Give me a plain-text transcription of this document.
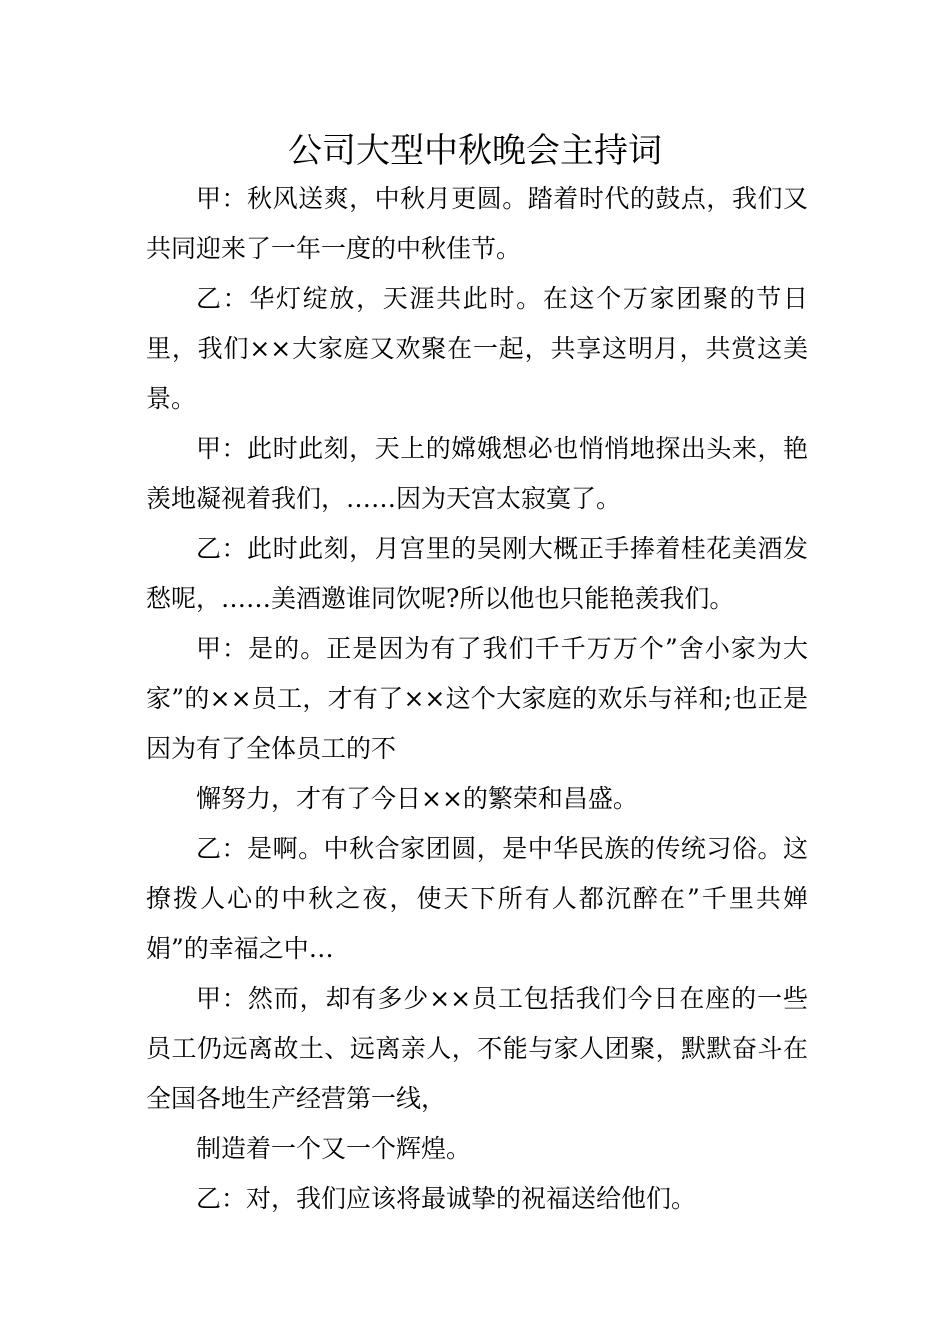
公司大型中秋晚会主持词

甲：秋风送爽，中秋月更圆。踏着时代的鼓点，我们又共同迎来了一年一度的中秋佳节。

乙：华灯绽放，天涯共此时。在这个万家团聚的节日里，我们××大家庭又欢聚在一起，共享这明月，共赏这美景。

甲：此时此刻，天上的嫦娥想必也悄悄地探出头来，艳羡地凝视着我们，……因为天宫太寂寞了。

乙：此时此刻，月宫里的吴刚大概正手捧着桂花美酒发愁呢，……美酒邀谁同饮呢?所以他也只能艳羡我们。

甲：是的。正是因为有了我们千千万万个”舍小家为大家”的××员工，才有了××这个大家庭的欢乐与祥和;也正是因为有了全体员工的不

懈努力，才有了今日××的繁荣和昌盛。

乙：是啊。中秋合家团圆，是中华民族的传统习俗。这撩拨人心的中秋之夜，使天下所有人都沉醉在”千里共婵娟”的幸福之中…

甲：然而，却有多少××员工包括我们今日在座的一些员工仍远离故土、远离亲人，不能与家人团聚，默默奋斗在全国各地生产经营第一线，

制造着一个又一个辉煌。

乙：对，我们应该将最诚挚的祝福送给他们。
